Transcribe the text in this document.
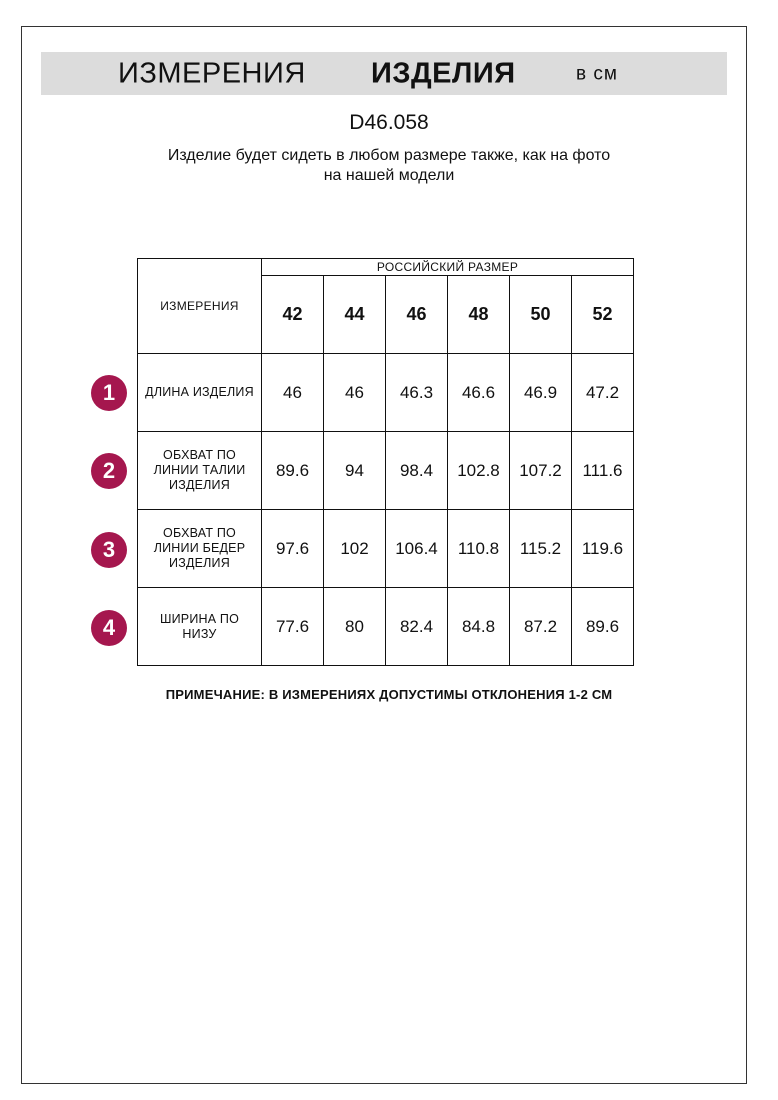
ИЗМЕРЕНИЯ ИЗДЕЛИЯ	в см
D46.058
Изделие будет сидеть в любом размере также, как на фото
на нашей модели
ИЗМЕРЕНИЯ	РОССИЙСКИЙ РАЗМЕР					
	42	44	46	48	50	52
ДЛИНА ИЗДЕЛИЯ	46	46	46.3	46.6	46.9	47.2
ОБХВАТ ПО
ЛИНИИ ТАЛИИ
ИЗДЕЛИЯ	89.6	94	98.4	102.8	107.2	111.6
ОБХВАТ ПО
ЛИНИИ БЕДЕР
ИЗДЕЛИЯ	97.6	102	106.4	110.8	115.2	119.6
ШИРИНА ПО
НИЗУ	77.6	80	82.4	84.8	87.2	89.6
1
2
3
4
ПРИМЕЧАНИЕ: В ИЗМЕРЕНИЯХ ДОПУСТИМЫ ОТКЛОНЕНИЯ 1-2 СМ
